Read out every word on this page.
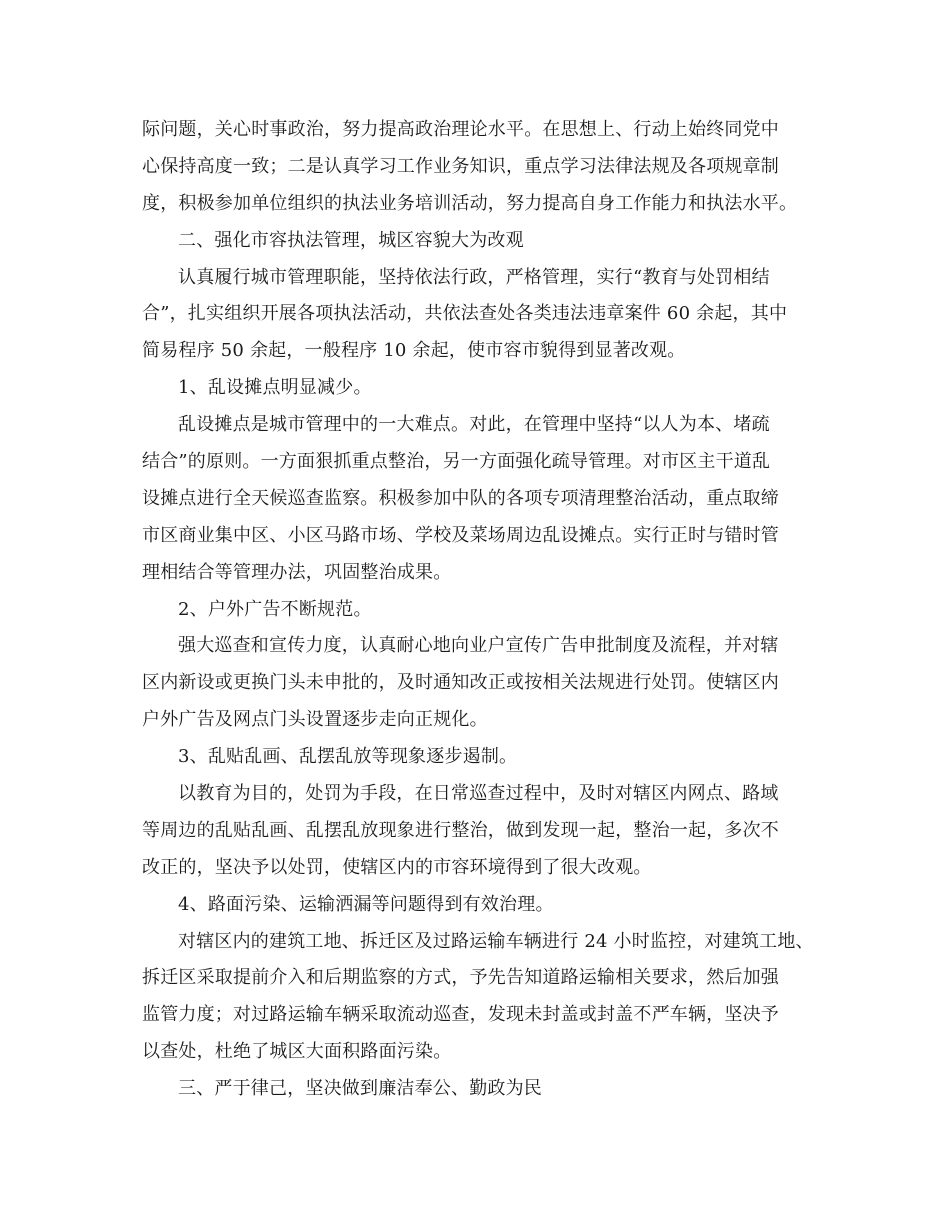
际问题，关心时事政治，努力提高政治理论水平。在思想上、行动上始终同党中
心保持高度一致；二是认真学习工作业务知识，重点学习法律法规及各项规章制
度，积极参加单位组织的执法业务培训活动，努力提高自身工作能力和执法水平。
二、强化市容执法管理，城区容貌大为改观
认真履行城市管理职能，坚持依法行政，严格管理，实行“教育与处罚相结
合”，扎实组织开展各项执法活动，共依法查处各类违法违章案件 60 余起，其中
简易程序 50 余起，一般程序 10 余起，使市容市貌得到显著改观。
1、乱设摊点明显减少。
乱设摊点是城市管理中的一大难点。对此，在管理中坚持“以人为本、堵疏
结合”的原则。一方面狠抓重点整治，另一方面强化疏导管理。对市区主干道乱
设摊点进行全天候巡查监察。积极参加中队的各项专项清理整治活动，重点取缔
市区商业集中区、小区马路市场、学校及菜场周边乱设摊点。实行正时与错时管
理相结合等管理办法，巩固整治成果。
2、户外广告不断规范。
强大巡查和宣传力度，认真耐心地向业户宣传广告申批制度及流程，并对辖
区内新设或更换门头未申批的，及时通知改正或按相关法规进行处罚。使辖区内
户外广告及网点门头设置逐步走向正规化。
3、乱贴乱画、乱摆乱放等现象逐步遏制。
以教育为目的，处罚为手段，在日常巡查过程中，及时对辖区内网点、路域
等周边的乱贴乱画、乱摆乱放现象进行整治，做到发现一起，整治一起，多次不
改正的，坚决予以处罚，使辖区内的市容环境得到了很大改观。
4、路面污染、运输洒漏等问题得到有效治理。
对辖区内的建筑工地、拆迁区及过路运输车辆进行 24 小时监控，对建筑工地、
拆迁区采取提前介入和后期监察的方式，予先告知道路运输相关要求，然后加强
监管力度；对过路运输车辆采取流动巡查，发现未封盖或封盖不严车辆，坚决予
以查处，杜绝了城区大面积路面污染。
三、严于律己，坚决做到廉洁奉公、勤政为民
